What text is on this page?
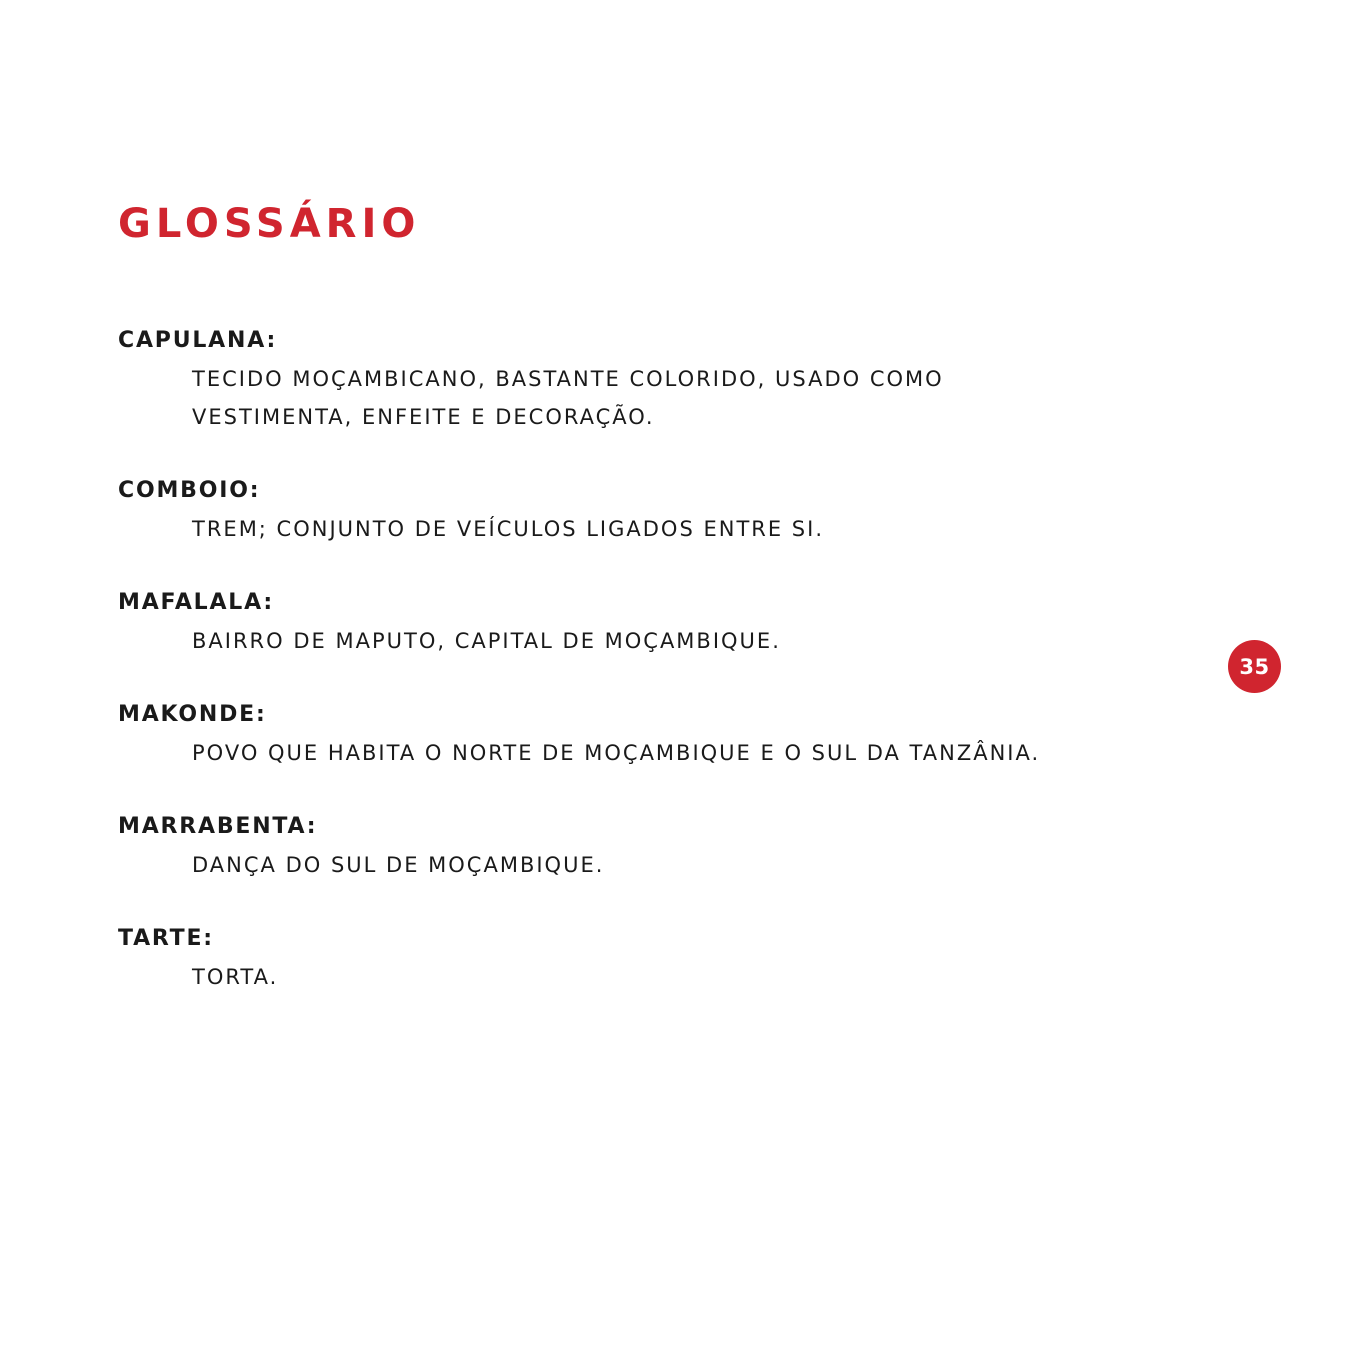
GLOSSÁRIO
CAPULANA:
TECIDO MOÇAMBICANO, BASTANTE COLORIDO, USADO COMO
VESTIMENTA, ENFEITE E DECORAÇÃO.
COMBOIO:
TREM; CONJUNTO DE VEÍCULOS LIGADOS ENTRE SI.
MAFALALA:
BAIRRO DE MAPUTO, CAPITAL DE MOÇAMBIQUE.
MAKONDE:
POVO QUE HABITA O NORTE DE MOÇAMBIQUE E O SUL DA TANZÂNIA.
MARRABENTA:
DANÇA DO SUL DE MOÇAMBIQUE.
TARTE:
TORTA.
35
